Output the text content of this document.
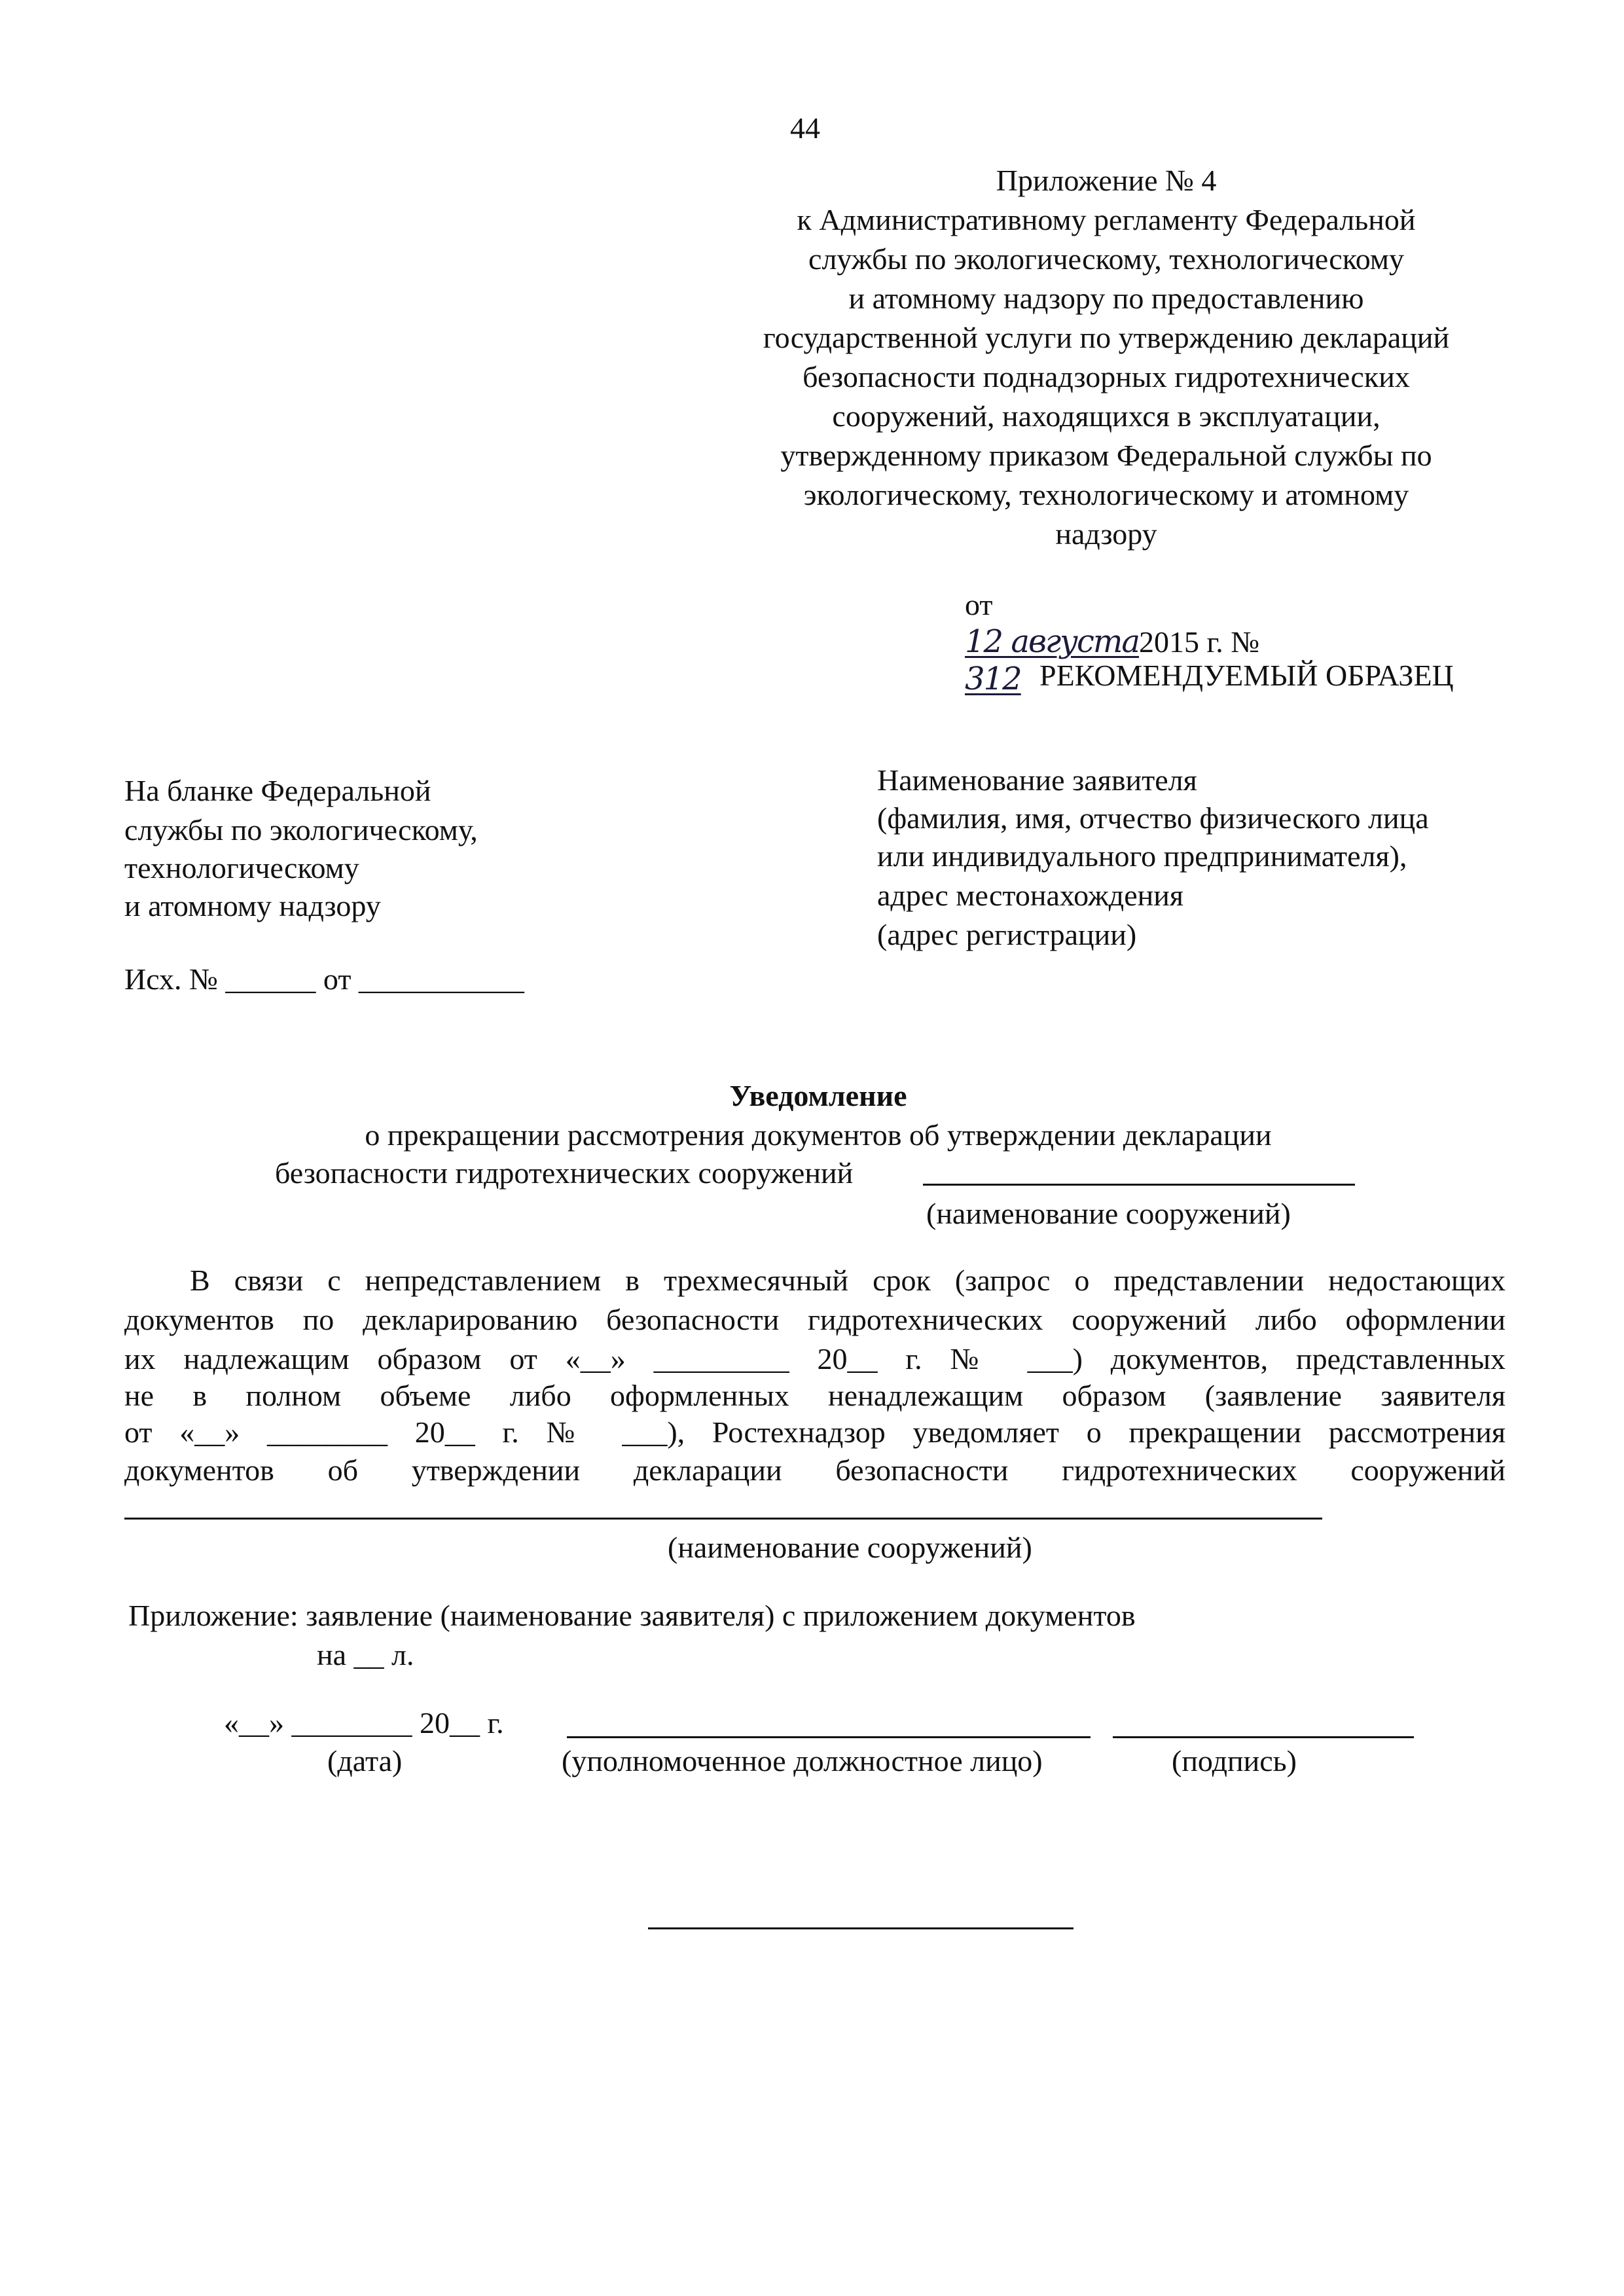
44
Приложение № 4
к Административному регламенту Федеральной
службы по экологическому, технологическому
и атомному надзору по предоставлению
государственной услуги по утверждению деклараций
безопасности поднадзорных гидротехнических
сооружений, находящихся в эксплуатации,
утвержденному приказом Федеральной службы по
экологическому, технологическому и атомному
надзору

от
12 августа2015 г. №
312
РЕКОМЕНДУЕМЫЙ ОБРАЗЕЦ
На бланке Федеральной
службы по экологическому,
технологическому
и атомному надзору
Исх. № ______ от ___________
Наименование заявителя
(фамилия, имя, отчество физического лица
или индивидуального предпринимателя),
адрес местонахождения
(адрес регистрации)
Уведомление
о прекращении рассмотрения документов об утверждении декларации
безопасности гидротехнических сооружений
(наименование сооружений)
В связи с непредставлением в трехмесячный срок (запрос о представлении недостающих
документов по декларированию безопасности гидротехнических сооружений либо оформлении
их надлежащим образом от «__» _________ 20__ г. № ___) документов, представленных
не в полном объеме либо оформленных ненадлежащим образом (заявление заявителя
от «__» ________ 20__ г. № ___), Ростехнадзор уведомляет о прекращении рассмотрения
документов об утверждении декларации безопасности гидротехнических сооружений
(наименование сооружений)
Приложение: заявление (наименование заявителя) с приложением документов
на __ л.
«__» ________ 20__ г.
(дата)	(уполномоченное должностное лицо)	(подпись)
